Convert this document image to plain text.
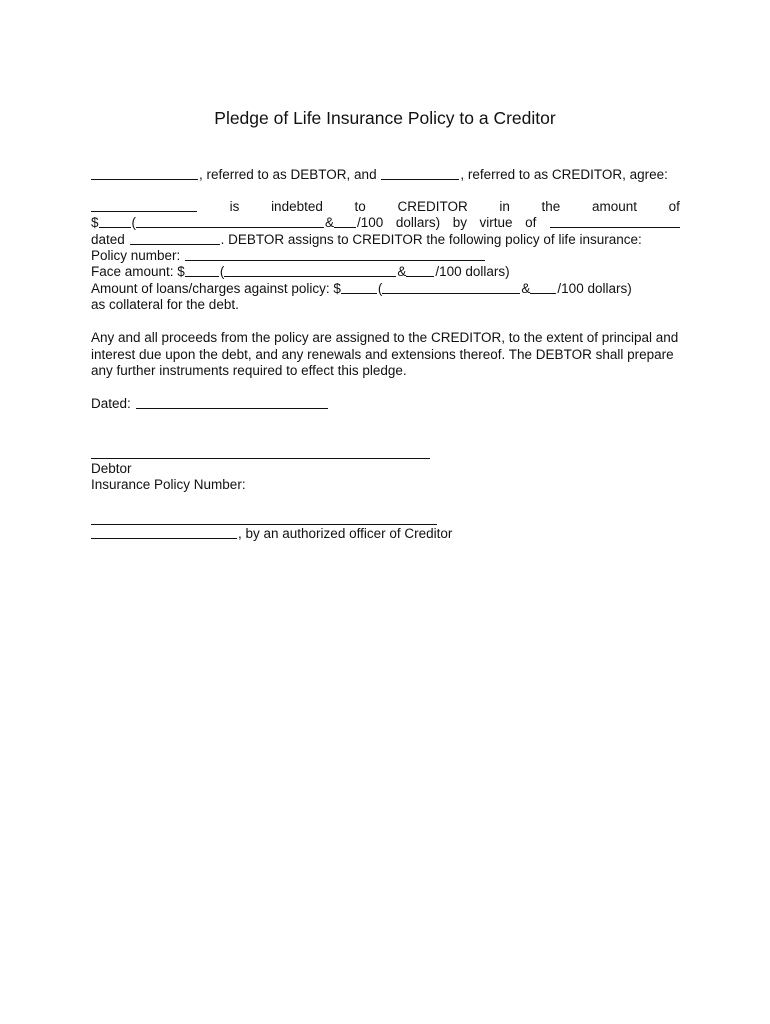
Pledge of Life Insurance Policy to a Creditor
, referred to as DEBTOR, and	, referred to as CREDITOR, agree:
is indebted to CREDITOR in the amount of
$ (	& /100 dollars) by virtue of
dated	. DEBTOR assigns to CREDITOR the following policy of life insurance:
Policy number:
Face amount: $	(	& /100 dollars)
Amount of loans/charges against policy: $	(	& /100 dollars)
as collateral for the debt.
Any and all proceeds from the policy are assigned to the CREDITOR, to the extent of principal and
interest due upon the debt, and any renewals and extensions thereof. The DEBTOR shall prepare
any further instruments required to effect this pledge.
Dated:
Debtor
Insurance Policy Number:
, by an authorized officer of Creditor
